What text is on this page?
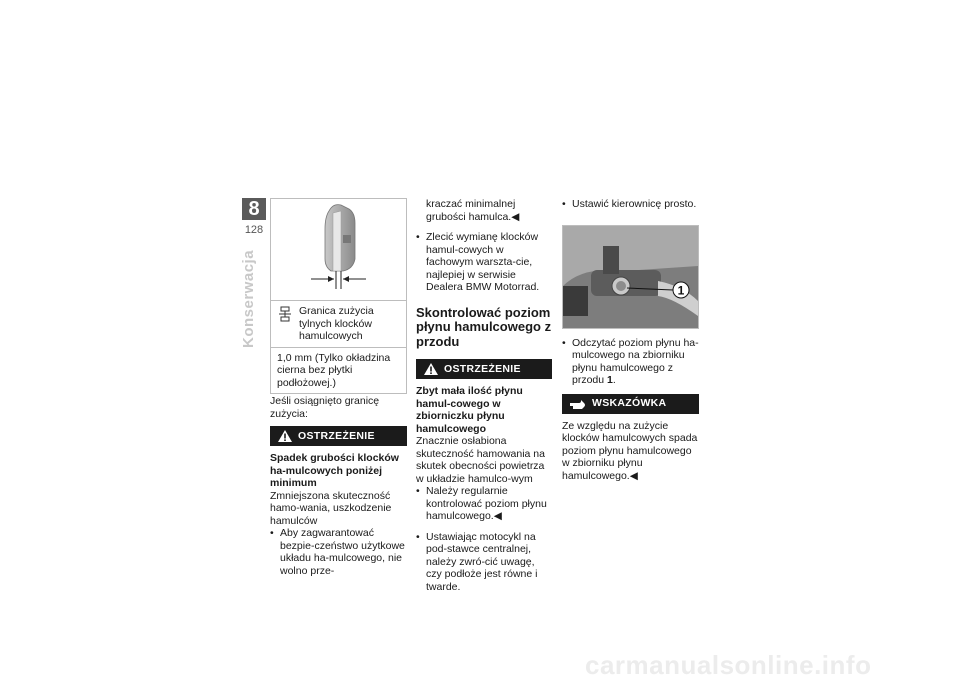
8
128
Konserwacja	Granica zużycia tylnych klocków hamulcowych
1,0 mm (Tylko okładzina cierna bez płytki podłożowej.)

Jeśli osiągnięto granicę zużycia:

OSTRZEŻENIE

Spadek grubości klocków ha-mulcowych poniżej minimum

Zmniejszona skuteczność hamo-wania, uszkodzenie hamulców

• Aby zagwarantować bezpie-czeństwo użytkowe układu ha-mulcowego, nie wolno prze-

kraczać minimalnej grubości hamulca.◀

• Zlecić wymianę klocków hamul-cowych w fachowym warszta-cie, najlepiej w serwisie Dealera BMW Motorrad.

Skontrolować poziom płynu hamulcowego z przodu
OSTRZEŻENIE

Zbyt mała ilość płynu hamul-cowego w zbiorniczku płynu hamulcowego

Znacznie osłabiona skuteczność hamowania na skutek obecności powietrza w układzie hamulco-wym

• Należy regularnie kontrolować poziom płynu hamulcowego.◀

• Ustawiając motocykl na pod-stawce centralnej, należy zwró-cić uwagę, czy podłoże jest równe i twarde.

• Ustawić kierownicę prosto.

1

• Odczytać poziom płynu ha-mulcowego na zbiorniku płynu hamulcowego z przodu 1.

WSKAZÓWKA

Ze względu na zużycie klocków hamulcowych spada poziom płynu hamulcowego w zbiorniku płynu hamulcowego.◀

carmanualsonline.info
